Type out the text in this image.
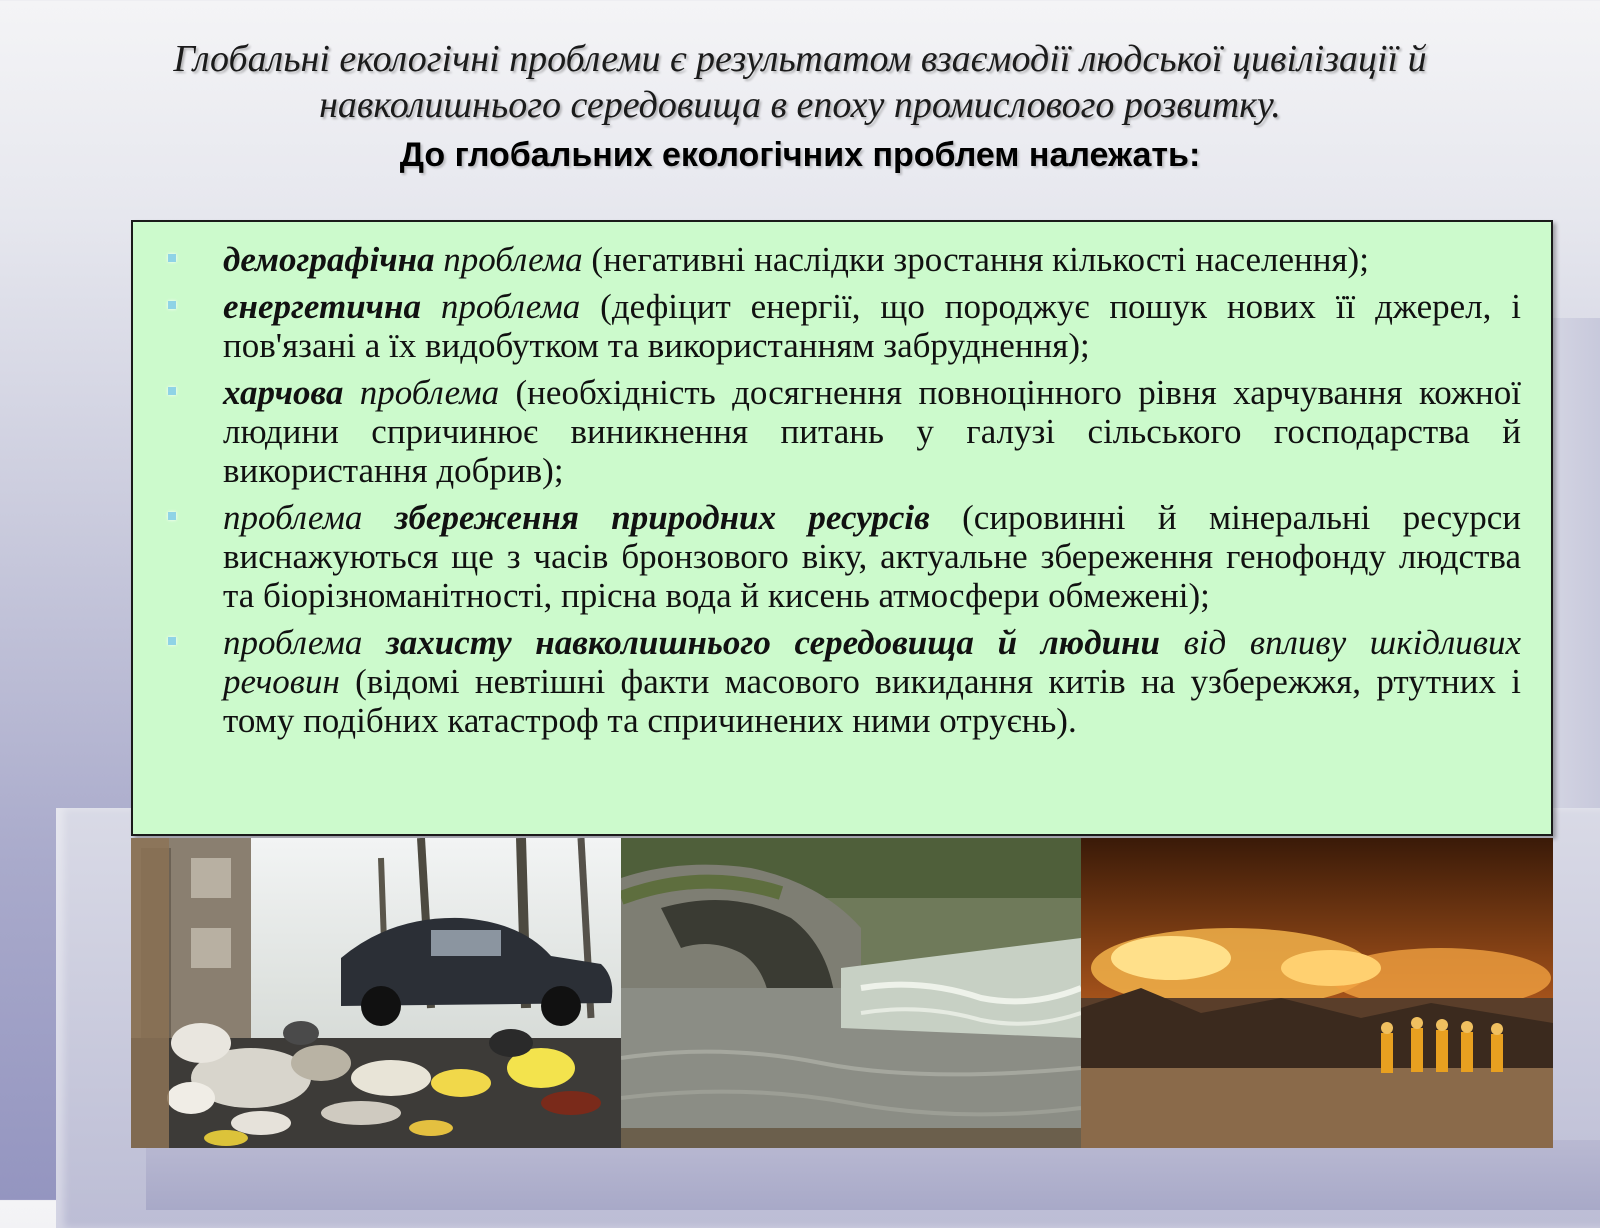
Глобальні екологічні проблеми є результатом взаємодії людської цивілізації й
навколишнього середовища в епоху промислового розвитку.
До глобальних екологічних проблем належать:
демографічна проблема (негативні наслідки зростання кількості населення);
енергетична проблема (дефіцит енергії, що породжує пошук нових її джерел, і пов'язані а їх видобутком та використанням забруднення);
харчова проблема (необхідність досягнення повноцінного рівня харчування кожної людини спричинює виникнення питань у галузі сільського господарства й використання добрив);
проблема збереження природних ресурсів (сировинні й мінеральні ресурси виснажуються ще з часів бронзового віку, актуальне збереження генофонду людства та біорізноманітності, прісна вода й кисень атмосфери обмежені);
проблема захисту навколишнього середовища й людини від впливу шкідливих речовин (відомі невтішні факти масового викидання китів на узбережжя, ртутних і тому подібних катастроф та спричинених ними отруєнь).
